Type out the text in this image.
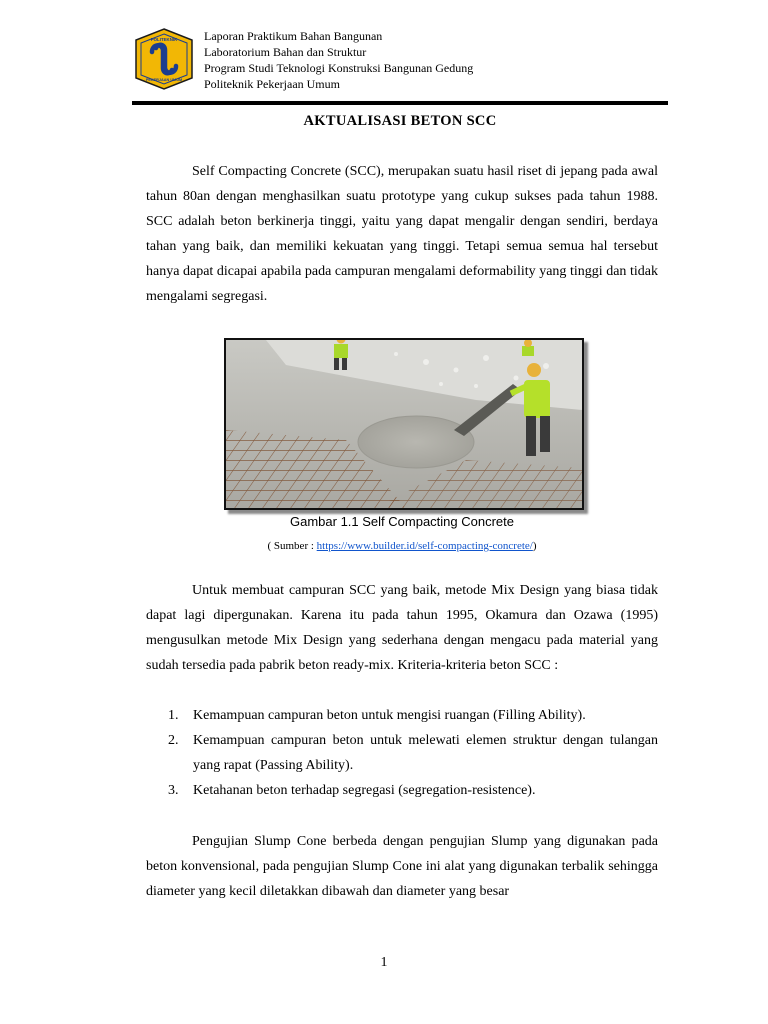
POLITEKNIK
PEKERJAAN UMUM
Laporan Praktikum Bahan Bangunan
Laboratorium Bahan dan Struktur
Program Studi Teknologi Konstruksi Bangunan Gedung
Politeknik Pekerjaan Umum
AKTUALISASI BETON SCC

Self Compacting Concrete (SCC), merupakan suatu hasil riset di jepang pada awal tahun 80an dengan menghasilkan suatu prototype yang cukup sukses pada tahun 1988. SCC adalah beton berkinerja tinggi, yaitu yang dapat mengalir dengan sendiri, berdaya tahan yang baik, dan memiliki kekuatan yang tinggi. Tetapi semua semua hal tersebut hanya dapat dicapai apabila pada campuran mengalami deformability yang tinggi dan tidak mengalami segregasi.

Gambar 1.1 Self Compacting Concrete
( Sumber : https://www.builder.id/self-compacting-concrete/)

Untuk membuat campuran SCC yang baik, metode Mix Design yang biasa tidak dapat lagi dipergunakan. Karena itu pada tahun 1995, Okamura dan Ozawa (1995) mengusulkan metode Mix Design yang sederhana dengan mengacu pada material yang sudah tersedia pada pabrik beton ready-mix. Kriteria-kriteria beton SCC :

1. Kemampuan campuran beton untuk mengisi ruangan (Filling Ability).
2. Kemampuan campuran beton untuk melewati elemen struktur dengan tulangan yang rapat (Passing Ability).
3. Ketahanan beton terhadap segregasi (segregation-resistence).

Pengujian Slump Cone berbeda dengan pengujian Slump yang digunakan pada beton konvensional, pada pengujian Slump Cone ini alat yang digunakan terbalik sehingga diameter yang kecil diletakkan dibawah dan diameter yang besar

1
